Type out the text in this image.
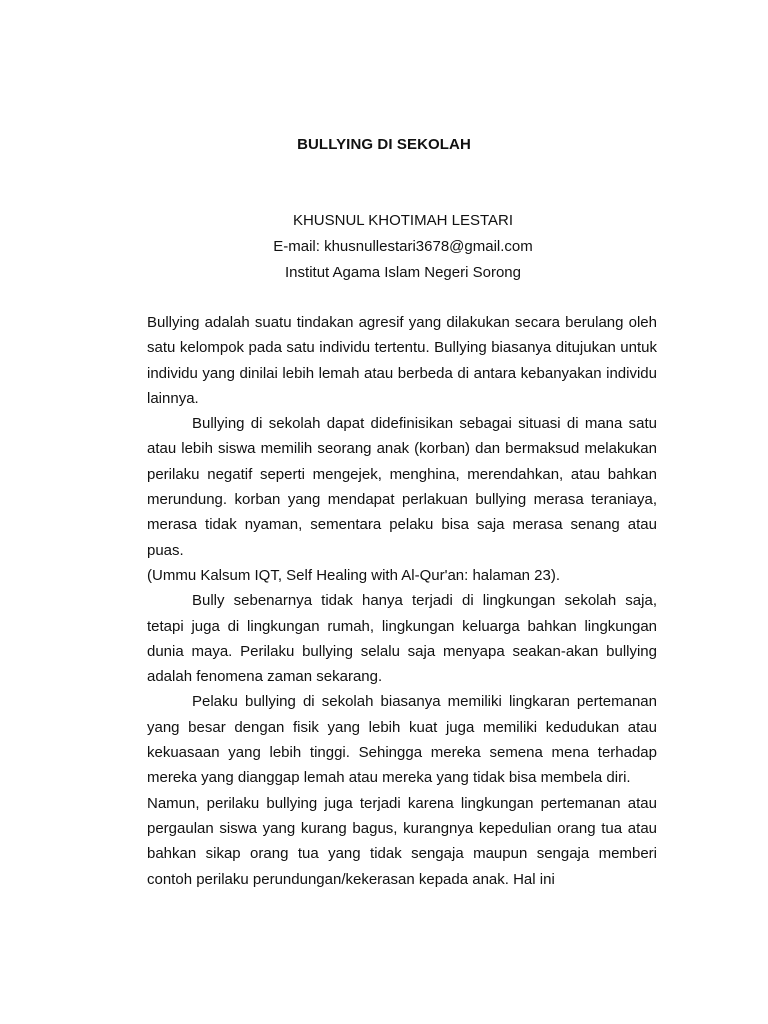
BULLYING DI SEKOLAH
KHUSNUL KHOTIMAH LESTARI
E-mail: khusnullestari3678@gmail.com
Institut Agama Islam Negeri Sorong

Bullying adalah suatu tindakan agresif yang dilakukan secara berulang oleh satu kelompok pada satu individu tertentu. Bullying biasanya ditujukan untuk individu yang dinilai lebih lemah atau berbeda di antara kebanyakan individu lainnya.

Bullying di sekolah dapat didefinisikan sebagai situasi di mana satu atau lebih siswa memilih seorang anak (korban) dan bermaksud melakukan perilaku negatif seperti mengejek, menghina, merendahkan, atau bahkan merundung. korban yang mendapat perlakuan bullying merasa teraniaya, merasa tidak nyaman, sementara pelaku bisa saja merasa senang atau puas.

(Ummu Kalsum IQT, Self Healing with Al-Qur'an: halaman 23).

Bully sebenarnya tidak hanya terjadi di lingkungan sekolah saja, tetapi juga di lingkungan rumah, lingkungan keluarga bahkan lingkungan dunia maya. Perilaku bullying selalu saja menyapa seakan-akan bullying adalah fenomena zaman sekarang.

Pelaku bullying di sekolah biasanya memiliki lingkaran pertemanan yang besar dengan fisik yang lebih kuat juga memiliki kedudukan atau kekuasaan yang lebih tinggi. Sehingga mereka semena mena terhadap mereka yang dianggap lemah atau mereka yang tidak bisa membela diri.

Namun, perilaku bullying juga terjadi karena lingkungan pertemanan atau pergaulan siswa yang kurang bagus, kurangnya kepedulian orang tua atau bahkan sikap orang tua yang tidak sengaja maupun sengaja memberi contoh perilaku perundungan/kekerasan kepada anak. Hal ini
